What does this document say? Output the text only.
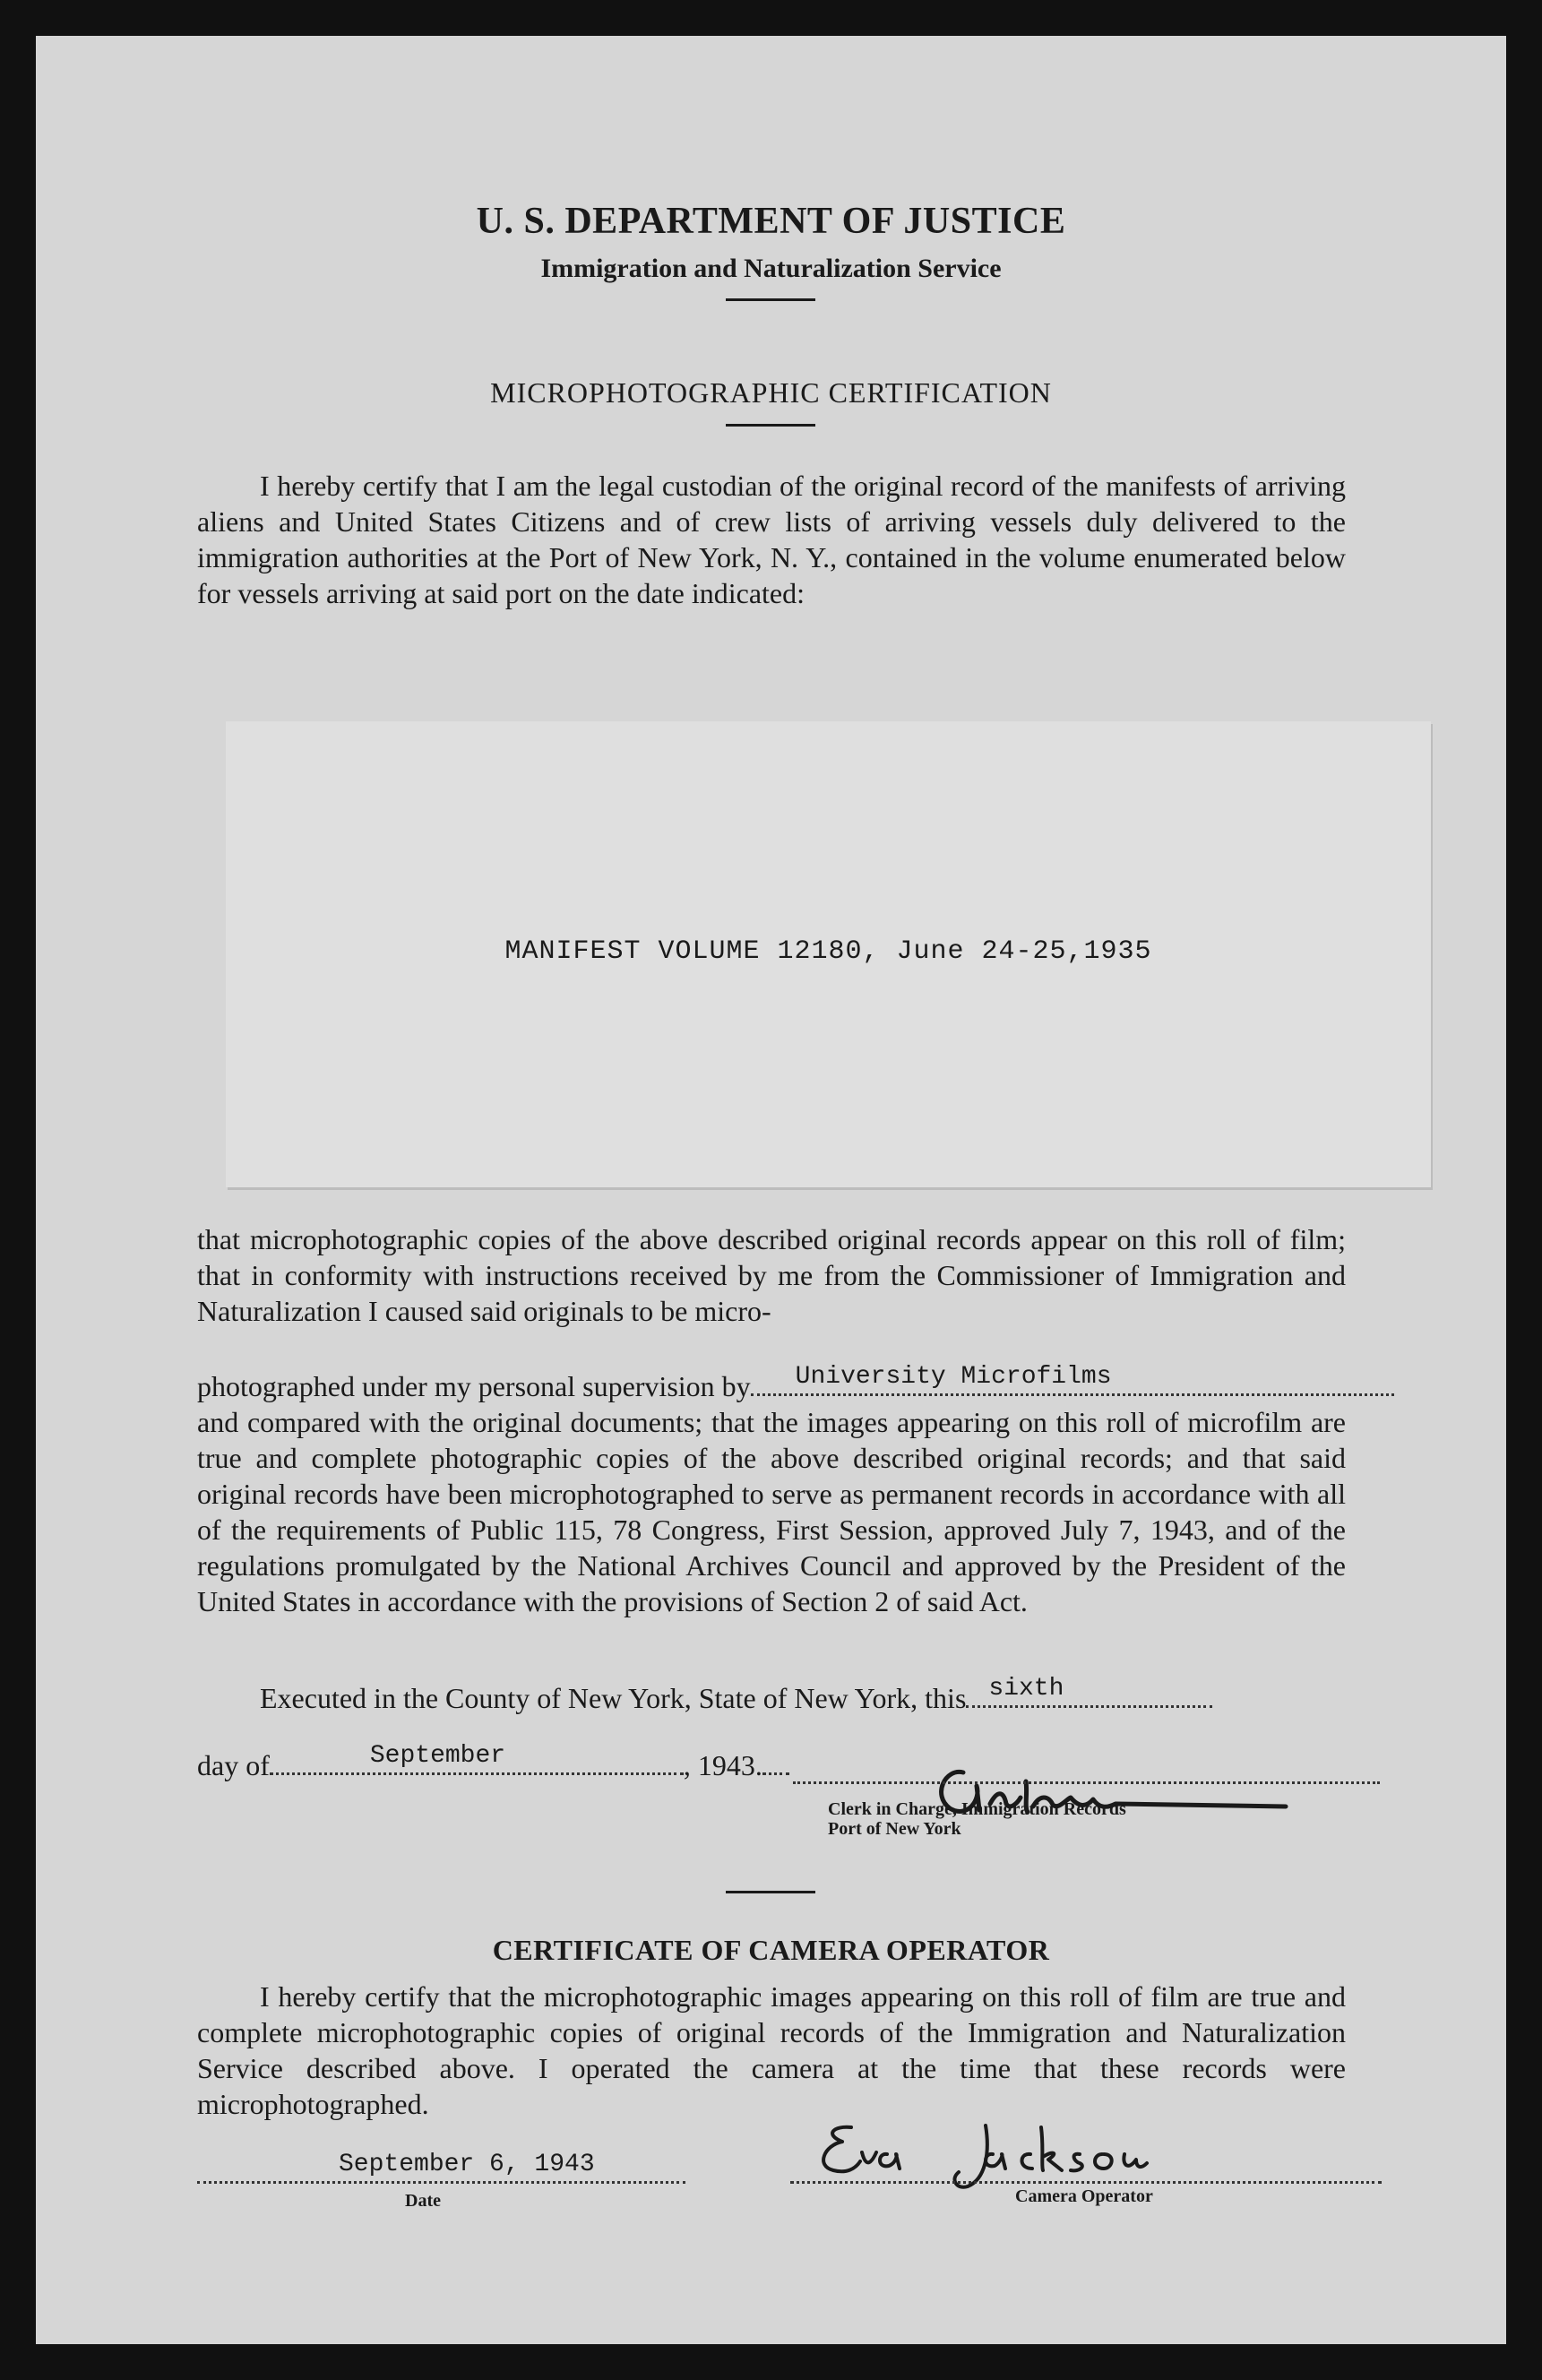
U. S. DEPARTMENT OF JUSTICE
Immigration and Naturalization Service
MICROPHOTOGRAPHIC CERTIFICATION
I hereby certify that I am the legal custodian of the original record of the manifests of arriving aliens and United States Citizens and of crew lists of arriving vessels duly delivered to the immigration authorities at the Port of New York, N. Y., contained in the volume enumerated below for vessels arriving at said port on the date indicated:
MANIFEST VOLUME 12180, June 24-25,1935
that microphotographic copies of the above described original records appear on this roll of film; that in conformity with instructions received by me from the Commissioner of Immigration and Naturalization I caused said originals to be micro-
photographed under my personal supervision by University Microfilms
and compared with the original documents; that the images appearing on this roll of microfilm are true and complete photographic copies of the above described original records; and that said original records have been microphotographed to serve as permanent records in accordance with all of the requirements of Public 115, 78 Congress, First Session, approved July 7, 1943, and of the regulations promulgated by the National Archives Council and approved by the President of the United States in accordance with the provisions of Section 2 of said Act.
Executed in the County of New York, State of New York, this sixth
day of	September	, 1943.
Clerk in Charge, Immigration Records
Port of New York
CERTIFICATE OF CAMERA OPERATOR
I hereby certify that the microphotographic images appearing on this roll of film are true and complete microphotographic copies of original records of the Immigration and Naturalization Service described above. I operated the camera at the time that these records were microphotographed.
September 6, 1943
Date	Camera Operator
